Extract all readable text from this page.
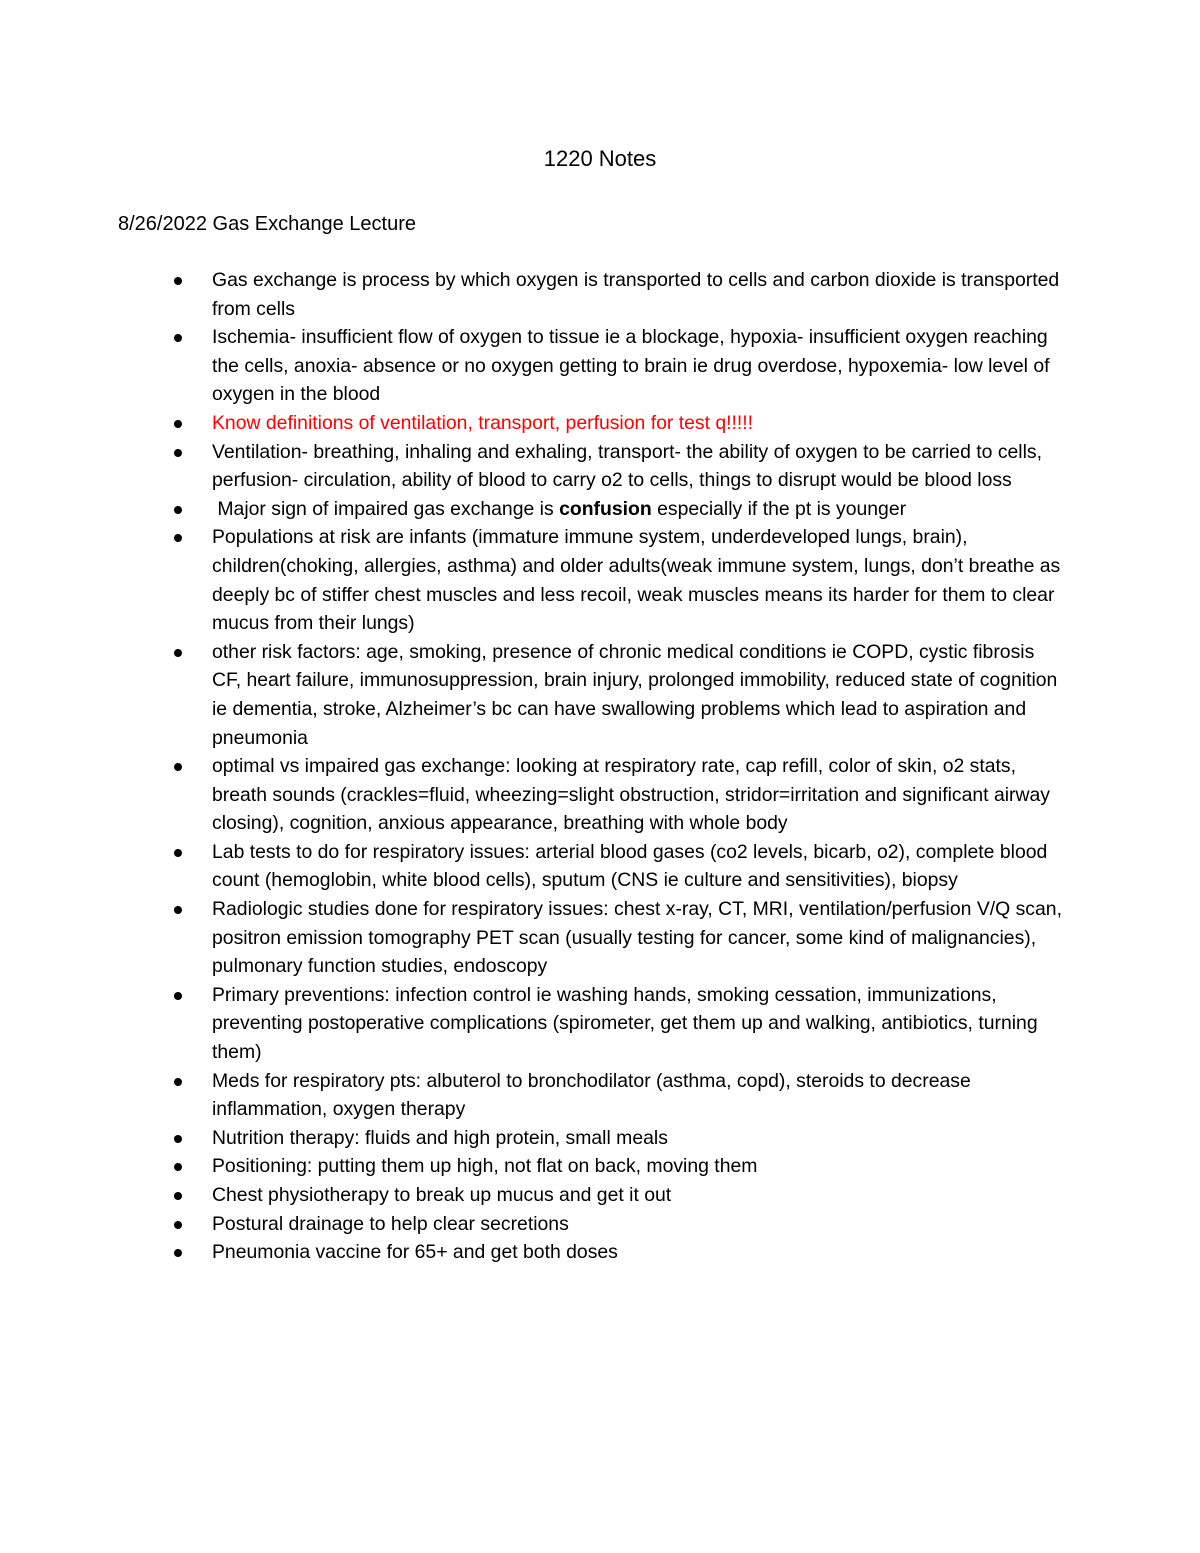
1220 Notes

8/26/2022 Gas Exchange Lecture

Gas exchange is process by which oxygen is transported to cells and carbon dioxide is transported from cells
Ischemia- insufficient flow of oxygen to tissue ie a blockage, hypoxia- insufficient oxygen reaching the cells, anoxia- absence or no oxygen getting to brain ie drug overdose, hypoxemia- low level of oxygen in the blood
Know definitions of ventilation, transport, perfusion for test q!!!!!
Ventilation- breathing, inhaling and exhaling, transport- the ability of oxygen to be carried to cells, perfusion- circulation, ability of blood to carry o2 to cells, things to disrupt would be blood loss
Major sign of impaired gas exchange is confusion especially if the pt is younger
Populations at risk are infants (immature immune system, underdeveloped lungs, brain), children(choking, allergies, asthma) and older adults(weak immune system, lungs, don’t breathe as deeply bc of stiffer chest muscles and less recoil, weak muscles means its harder for them to clear mucus from their lungs)
other risk factors: age, smoking, presence of chronic medical conditions ie COPD, cystic fibrosis CF, heart failure, immunosuppression, brain injury, prolonged immobility, reduced state of cognition ie dementia, stroke, Alzheimer’s bc can have swallowing problems which lead to aspiration and pneumonia
optimal vs impaired gas exchange: looking at respiratory rate, cap refill, color of skin, o2 stats, breath sounds (crackles=fluid, wheezing=slight obstruction, stridor=irritation and significant airway closing), cognition, anxious appearance, breathing with whole body
Lab tests to do for respiratory issues: arterial blood gases (co2 levels, bicarb, o2), complete blood count (hemoglobin, white blood cells), sputum (CNS ie culture and sensitivities), biopsy
Radiologic studies done for respiratory issues: chest x-ray, CT, MRI, ventilation/perfusion V/Q scan, positron emission tomography PET scan (usually testing for cancer, some kind of malignancies), pulmonary function studies, endoscopy
Primary preventions: infection control ie washing hands, smoking cessation, immunizations, preventing postoperative complications (spirometer, get them up and walking, antibiotics, turning them)
Meds for respiratory pts: albuterol to bronchodilator (asthma, copd), steroids to decrease inflammation, oxygen therapy
Nutrition therapy: fluids and high protein, small meals
Positioning: putting them up high, not flat on back, moving them
Chest physiotherapy to break up mucus and get it out
Postural drainage to help clear secretions
Pneumonia vaccine for 65+ and get both doses
